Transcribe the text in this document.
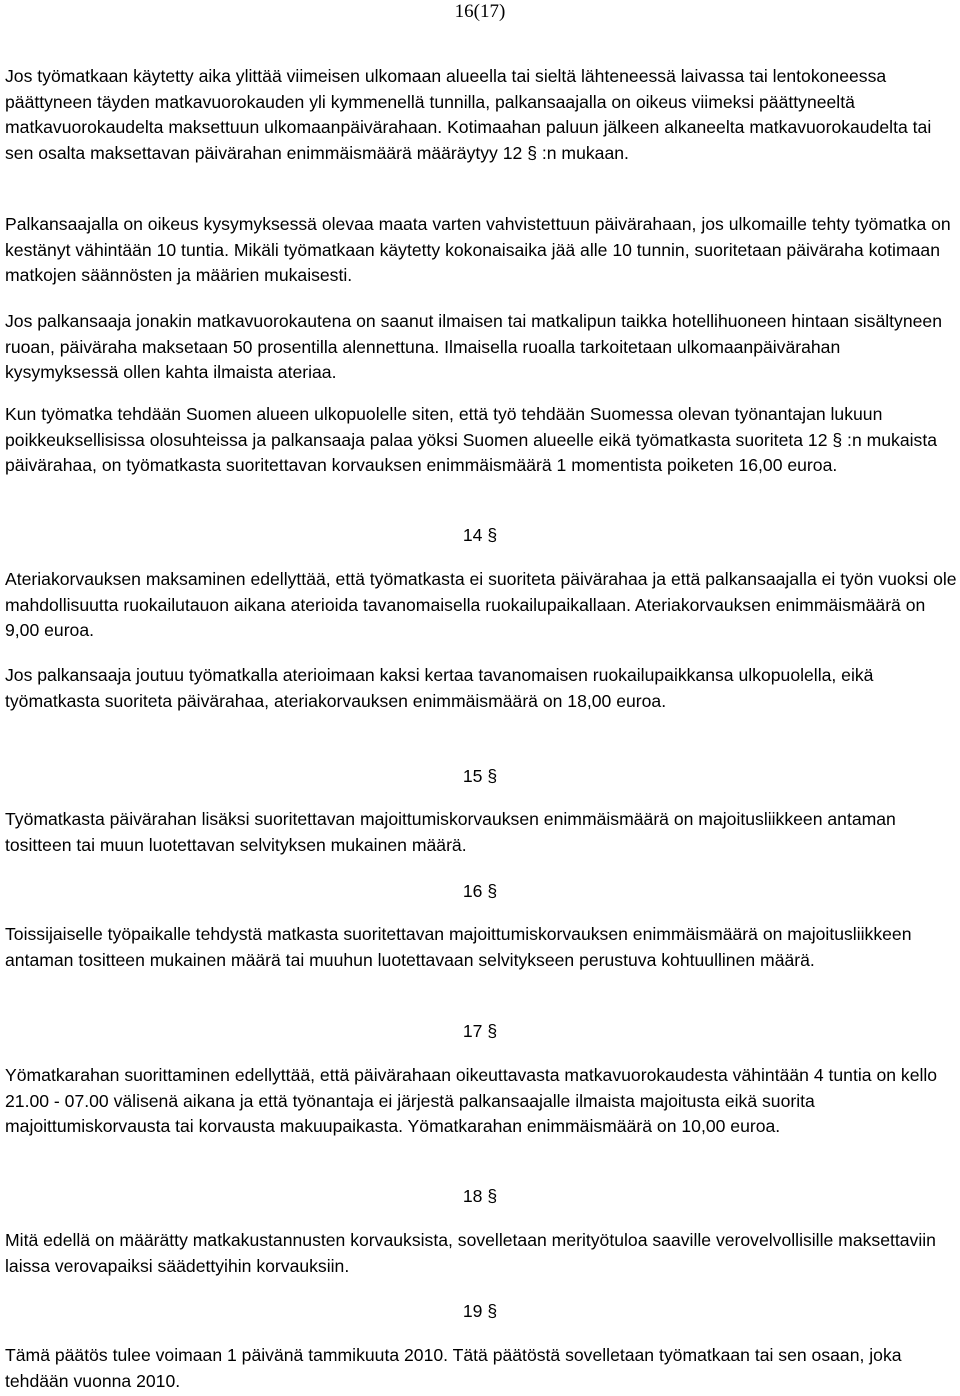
16(17)

Jos työmatkaan käytetty aika ylittää viimeisen ulkomaan alueella tai sieltä lähteneessä laivassa tai lentokoneessa päättyneen täyden matkavuorokauden yli kymmenellä tunnilla, palkansaajalla on oikeus viimeksi päättyneeltä matkavuorokaudelta maksettuun ulkomaanpäivärahaan. Kotimaahan paluun jälkeen alkaneelta matkavuorokaudelta tai sen osalta maksettavan päivärahan enimmäismäärä määräytyy 12 § :n mukaan.

Palkansaajalla on oikeus kysymyksessä olevaa maata varten vahvistettuun päivärahaan, jos ulkomaille tehty työmatka on kestänyt vähintään 10 tuntia. Mikäli työmatkaan käytetty kokonaisaika jää alle 10 tunnin, suoritetaan päiväraha kotimaan matkojen säännösten ja määrien mukaisesti.

Jos palkansaaja jonakin matkavuorokautena on saanut ilmaisen tai matkalipun taikka hotellihuoneen hintaan sisältyneen ruoan, päiväraha maksetaan 50 prosentilla alennettuna. Ilmaisella ruoalla tarkoitetaan ulkomaanpäivärahan kysymyksessä ollen kahta ilmaista ateriaa.

Kun työmatka tehdään Suomen alueen ulkopuolelle siten, että työ tehdään Suomessa olevan työnantajan lukuun poikkeuksellisissa olosuhteissa ja palkansaaja palaa yöksi Suomen alueelle eikä työmatkasta suoriteta 12 § :n mukaista päivärahaa, on työmatkasta suoritettavan korvauksen enimmäismäärä 1 momentista poiketen 16,00 euroa.

14 §

Ateriakorvauksen maksaminen edellyttää, että työmatkasta ei suoriteta päivärahaa ja että palkansaajalla ei työn vuoksi ole mahdollisuutta ruokailutauon aikana aterioida tavanomaisella ruokailupaikallaan. Ateriakorvauksen enimmäismäärä on 9,00 euroa.

Jos palkansaaja joutuu työmatkalla aterioimaan kaksi kertaa tavanomaisen ruokailupaikkansa ulkopuolella, eikä työmatkasta suoriteta päivärahaa, ateriakorvauksen enimmäismäärä on 18,00 euroa.

15 §

Työmatkasta päivärahan lisäksi suoritettavan majoittumiskorvauksen enimmäismäärä on majoitusliikkeen antaman tositteen tai muun luotettavan selvityksen mukainen määrä.

16 §

Toissijaiselle työpaikalle tehdystä matkasta suoritettavan majoittumiskorvauksen enimmäismäärä on majoitusliikkeen antaman tositteen mukainen määrä tai muuhun luotettavaan selvitykseen perustuva kohtuullinen määrä.

17 §

Yömatkarahan suorittaminen edellyttää, että päivärahaan oikeuttavasta matkavuorokaudesta vähintään 4 tuntia on kello 21.00 - 07.00 välisenä aikana ja että työnantaja ei järjestä palkansaajalle ilmaista majoitusta eikä suorita majoittumiskorvausta tai korvausta makuupaikasta. Yömatkarahan enimmäismäärä on 10,00 euroa.

18 §

Mitä edellä on määrätty matkakustannusten korvauksista, sovelletaan merityötuloa saaville verovelvollisille maksettaviin laissa verovapaiksi säädettyihin korvauksiin.

19 §

Tämä päätös tulee voimaan 1 päivänä tammikuuta 2010. Tätä päätöstä sovelletaan työmatkaan tai sen osaan, joka tehdään vuonna 2010.
